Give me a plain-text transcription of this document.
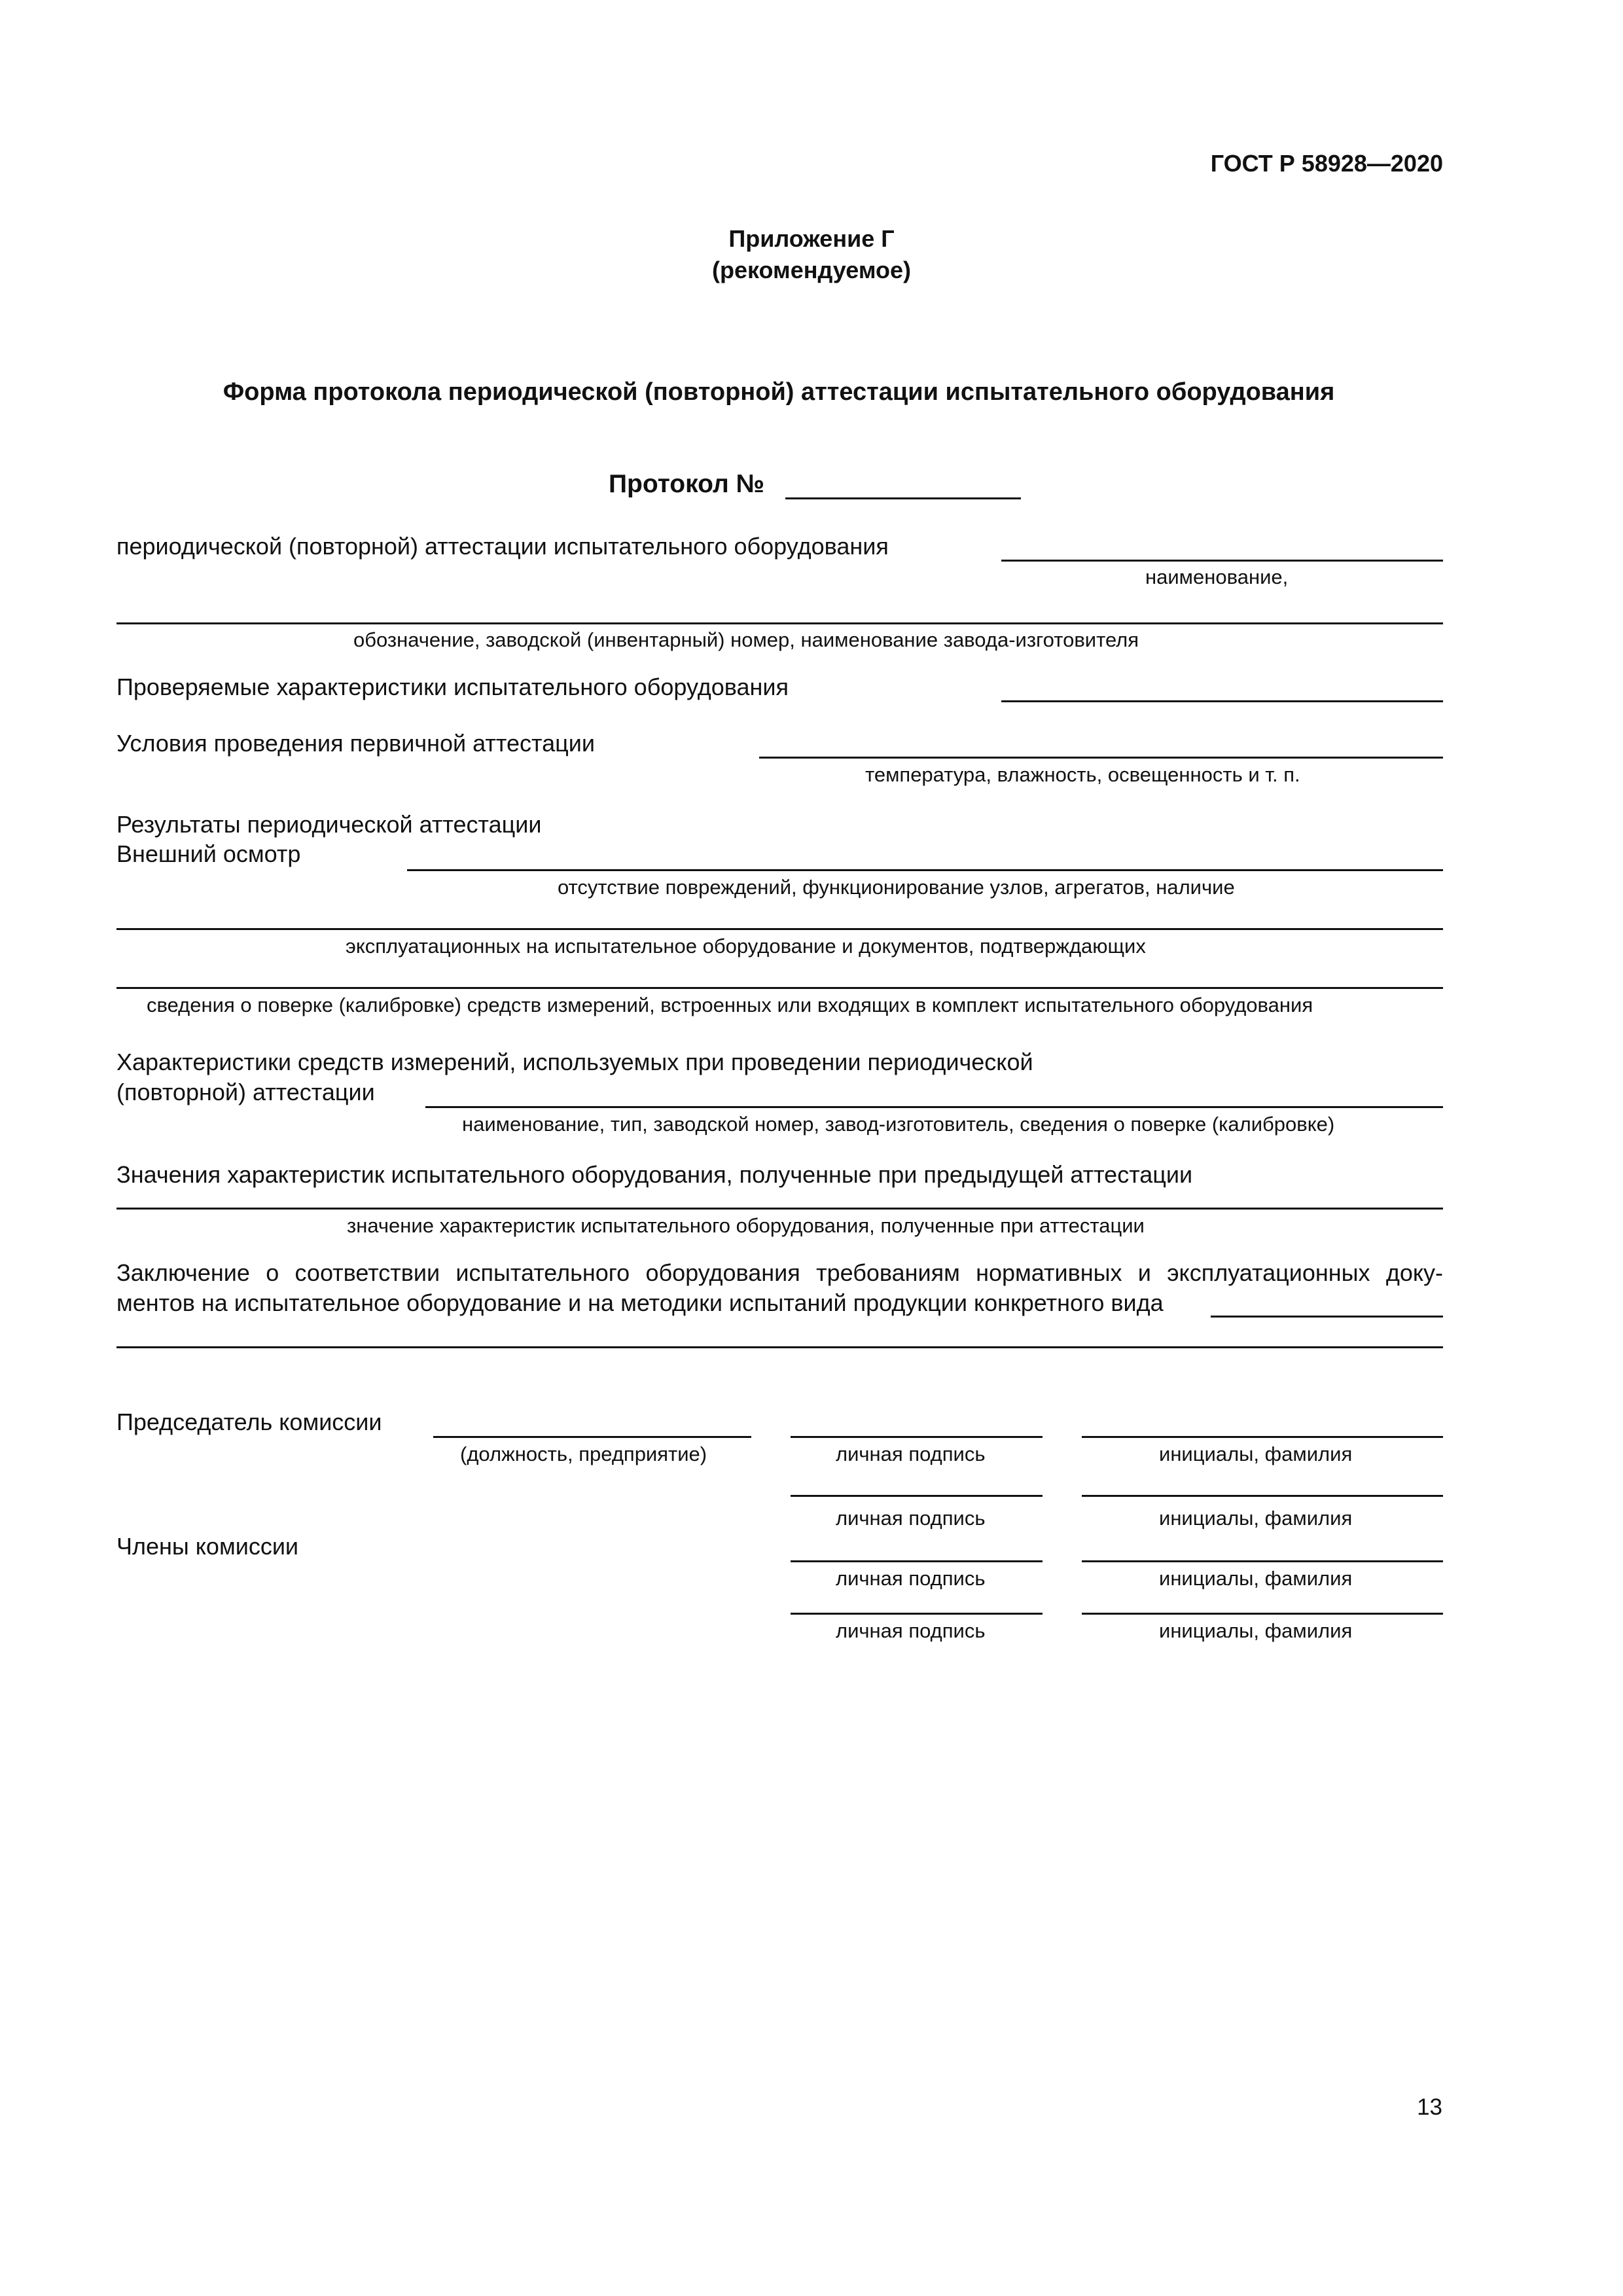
ГОСТ Р 58928—2020
Приложение Г
(рекомендуемое)
Форма протокола периодической (повторной) аттестации испытательного оборудования
Протокол №
периодической (повторной) аттестации испытательного оборудования
наименование,
обозначение, заводской (инвентарный) номер, наименование завода-изготовителя
Проверяемые характеристики испытательного оборудования
Условия проведения первичной аттестации
температура, влажность, освещенность и т. п.
Результаты периодической аттестации
Внешний осмотр
отсутствие повреждений, функционирование узлов, агрегатов, наличие
эксплуатационных на испытательное оборудование и документов, подтверждающих
сведения о поверке (калибровке) средств измерений, встроенных или входящих в комплект испытательного оборудования
Характеристики средств измерений, используемых при проведении периодической
(повторной) аттестации
наименование, тип, заводской номер, завод-изготовитель, сведения о поверке (калибровке)
Значения характеристик испытательного оборудования, полученные при предыдущей аттестации
значение характеристик испытательного оборудования, полученные при аттестации
Заключение о соответствии испытательного оборудования требованиям нормативных и эксплуатационных доку-
ментов на испытательное оборудование и на методики испытаний продукции конкретного вида
Председатель комиссии
(должность, предприятие)	личная подпись	инициалы, фамилия
личная подпись	инициалы, фамилия
Члены комиссии
личная подпись	инициалы, фамилия
личная подпись	инициалы, фамилия
13
